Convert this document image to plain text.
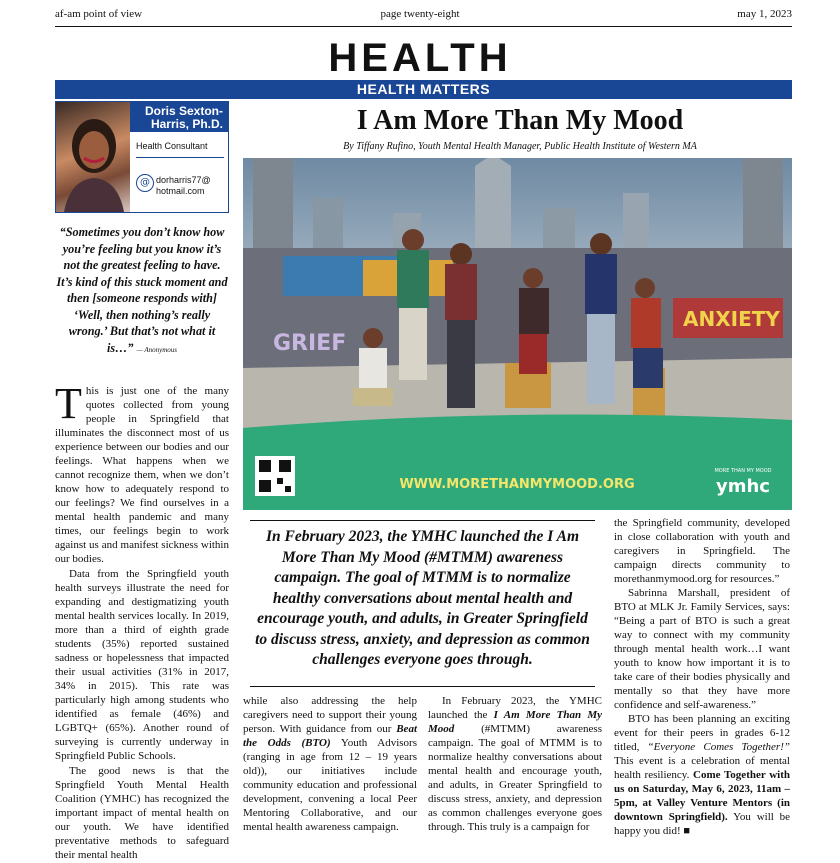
af-am point of view	page twenty-eight	may 1, 2023
HEALTH
HEALTH MATTERS
Doris Sexton-Harris, Ph.D.
Health Consultant
@ dorharris77@ hotmail.com
“Sometimes you don’t know how you’re feeling but you know it’s not the greatest feeling to have. It’s kind of this stuck moment and then [someone responds with] ‘Well, then nothing’s really wrong.’ But that’s not what it is…” — Anonymous

This is just one of the many quotes collected from young people in Springfield that illuminates the disconnect most of us experience between our bodies and our feelings. What happens when we cannot recognize them, when we don’t know how to adequately respond to our feelings? We find ourselves in a mental health pandemic and many times, our feelings begin to work against us and manifest sickness within our bodies.

Data from the Springfield youth health surveys illustrate the need for expanding and destigmatizing youth mental health services locally. In 2019, more than a third of eighth grade students (35%) reported sustained sadness or hopelessness that impacted their usual activities (31% in 2017, 34% in 2015). This rate was particularly high among students who identified as female (46%) and LGBTQ+ (65%). Another round of surveying is currently underway in Springfield Public Schools.

The good news is that the Springfield Youth Mental Health Coalition (YMHC) has recognized the important impact of mental health on our youth. We have identified preventative methods to safeguard their mental health

I Am More Than My Mood
By Tiffany Rufino, Youth Mental Health Manager, Public Health Institute of Western MA
ANXIETY
GRIEF
WWW.MORETHANMYMOOD.ORG
MORE THAN MY MOOD
ymhc
In February 2023, the YMHC launched the I Am More Than My Mood (#MTMM) awareness campaign. The goal of MTMM is to normalize healthy conversations about mental health and encourage youth, and adults, in Greater Springfield to discuss stress, anxiety, and depression as common challenges everyone goes through.
while also addressing the help caregivers need to support their young person. With guidance from our Beat the Odds (BTO) Youth Advisors (ranging in age from 12 – 19 years old)), our initiatives include community education and professional development, convening a local Peer Mentoring Collaborative, and our mental health awareness campaign.

In February 2023, the YMHC launched the I Am More Than My Mood (#MTMM) awareness campaign. The goal of MTMM is to normalize healthy conversations about mental health and encourage youth, and adults, in Greater Springfield to discuss stress, anxiety, and depression as common challenges everyone goes through. This truly is a campaign for

the Springfield community, developed in close collaboration with youth and caregivers in Springfield. The campaign directs community to morethanmymood.org for resources.”

Sabrinna Marshall, president of BTO at MLK Jr. Family Services, says: “Being a part of BTO is such a great way to connect with my community through mental health work…I want youth to know how important it is to take care of their bodies physically and mentally so that they have more confidence and self-awareness.”

BTO has been planning an exciting event for their peers in grades 6-12 titled, “Everyone Comes Together!” This event is a celebration of mental health resiliency. Come Together with us on Saturday, May 6, 2023, 11am – 5pm, at Valley Venture Mentors (in downtown Springfield). You will be happy you did! ■
